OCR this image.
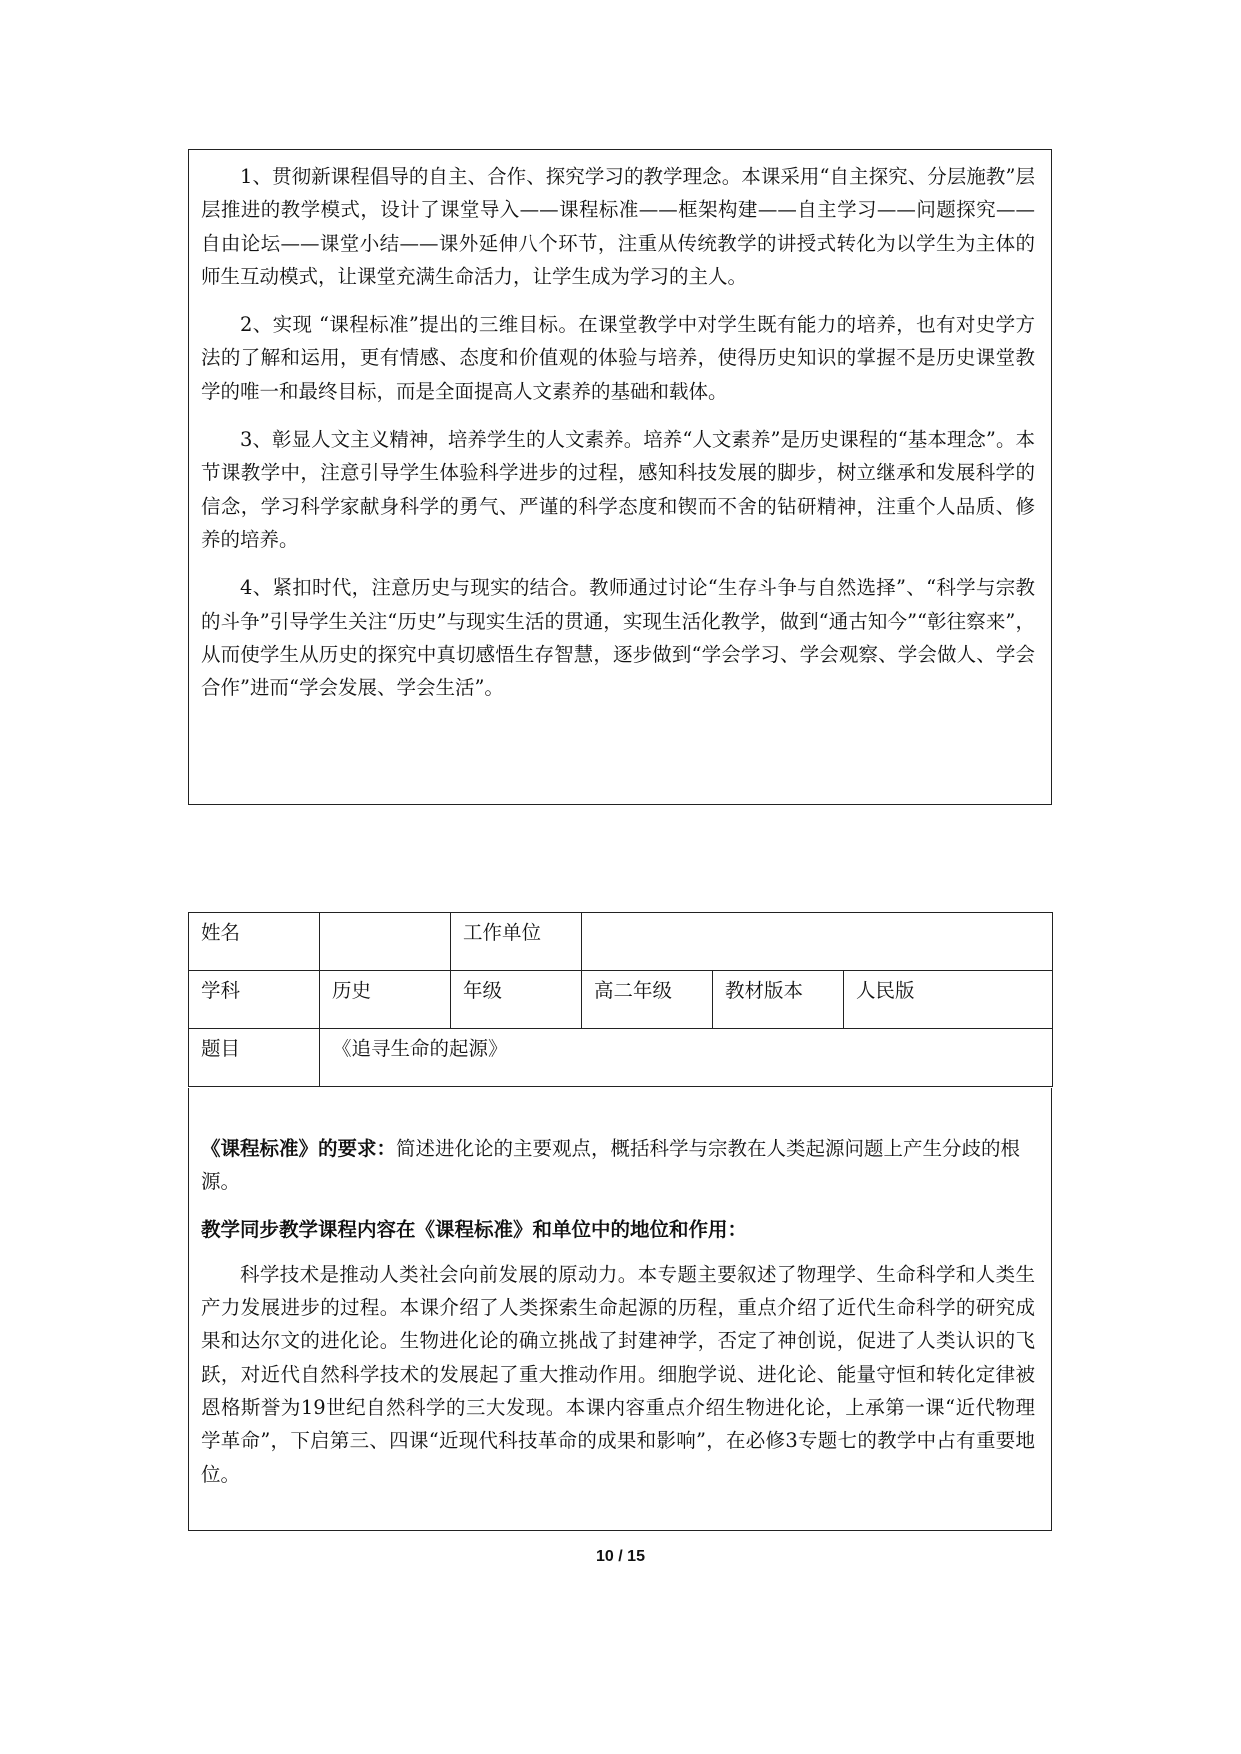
1、贯彻新课程倡导的自主、合作、探究学习的教学理念。本课采用“自主探究、分层施教”层层推进的教学模式，设计了课堂导入——课程标准——框架构建——自主学习——问题探究——自由论坛——课堂小结——课外延伸八个环节，注重从传统教学的讲授式转化为以学生为主体的师生互动模式，让课堂充满生命活力，让学生成为学习的主人。

2、实现 “课程标准”提出的三维目标。在课堂教学中对学生既有能力的培养，也有对史学方法的了解和运用，更有情感、态度和价值观的体验与培养，使得历史知识的掌握不是历史课堂教学的唯一和最终目标，而是全面提高人文素养的基础和载体。

3、彰显人文主义精神，培养学生的人文素养。培养“人文素养”是历史课程的“基本理念”。本节课教学中，注意引导学生体验科学进步的过程，感知科技发展的脚步，树立继承和发展科学的信念，学习科学家献身科学的勇气、严谨的科学态度和锲而不舍的钻研精神，注重个人品质、修养的培养。

4、紧扣时代，注意历史与现实的结合。教师通过讨论“生存斗争与自然选择”、“科学与宗教的斗争”引导学生关注“历史”与现实生活的贯通，实现生活化教学，做到“通古知今”“彰往察来”，从而使学生从历史的探究中真切感悟生存智慧，逐步做到“学会学习、学会观察、学会做人、学会合作”进而“学会发展、学会生活”。

姓名		工作单位			
学科	历史	年级	高二年级	教材版本	人民版
题目	《追寻生命的起源》				

《课程标准》的要求：简述进化论的主要观点，概括科学与宗教在人类起源问题上产生分歧的根源。

教学同步教学课程内容在《课程标准》和单位中的地位和作用：

科学技术是推动人类社会向前发展的原动力。本专题主要叙述了物理学、生命科学和人类生产力发展进步的过程。本课介绍了人类探索生命起源的历程，重点介绍了近代生命科学的研究成果和达尔文的进化论。生物进化论的确立挑战了封建神学，否定了神创说，促进了人类认识的飞跃，对近代自然科学技术的发展起了重大推动作用。细胞学说、进化论、能量守恒和转化定律被恩格斯誉为19世纪自然科学的三大发现。本课内容重点介绍生物进化论，上承第一课“近代物理学革命”，下启第三、四课“近现代科技革命的成果和影响”，在必修3专题七的教学中占有重要地位。

10 / 15
